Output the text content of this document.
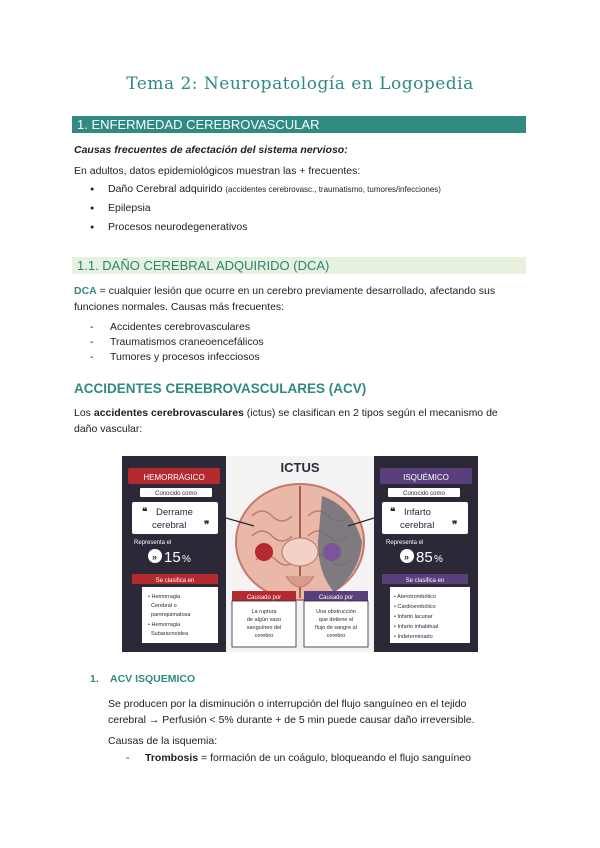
Tema 2: Neuropatología en Logopedia
1. ENFERMEDAD CEREBROVASCULAR
Causas frecuentes de afectación del sistema nervioso:
En adultos, datos epidemiológicos muestran las + frecuentes:
● Daño Cerebral adquirido (accidentes cerebrovasc., traumatismo, tumores/infecciones)
● Epilepsia
● Procesos neurodegenerativos
1.1. DAÑO CEREBRAL ADQUIRIDO (DCA)
DCA = cualquier lesión que ocurre en un cerebro previamente desarrollado, afectando sus
funciones normales. Causas más frecuentes:
- Accidentes cerebrovasculares
- Traumatismos craneoencefálicos
- Tumores y procesos infecciosos
ACCIDENTES CEREBROVASCULARES (ACV)
Los accidentes cerebrovasculares (ictus) se clasifican en 2 tipos según el mecanismo de
daño vascular:
ICTUS
HEMORRÁGICO
Conocido como
❝ Derrame
cerebral ❞
Representa el
» 15 %
Se clasifica en
• Hemorragia
Cerebral o
parenquimatosa
• Hemorragia
Subaracnoidea
Causado por
La ruptura
de algún vaso
sanguíneo del
cerebro
Causado por
Una obstrucción
que detiene el
flujo de sangre al
cerebro
ISQUÉMICO
Conocido como
❝ Infarto
cerebral ❞
Representa el
» 85 %
Se clasifica en
• Aterotrombótico
• Cardioembólico
• Infarto lacunar
• Infarto inhabitual
• Indeterminado
1. ACV ISQUEMICO
Se producen por la disminución o interrupción del flujo sanguíneo en el tejido
cerebral → Perfusión < 5% durante + de 5 min puede causar daño irreversible.
Causas de la isquemia:
- Trombosis = formación de un coágulo, bloqueando el flujo sanguíneo
